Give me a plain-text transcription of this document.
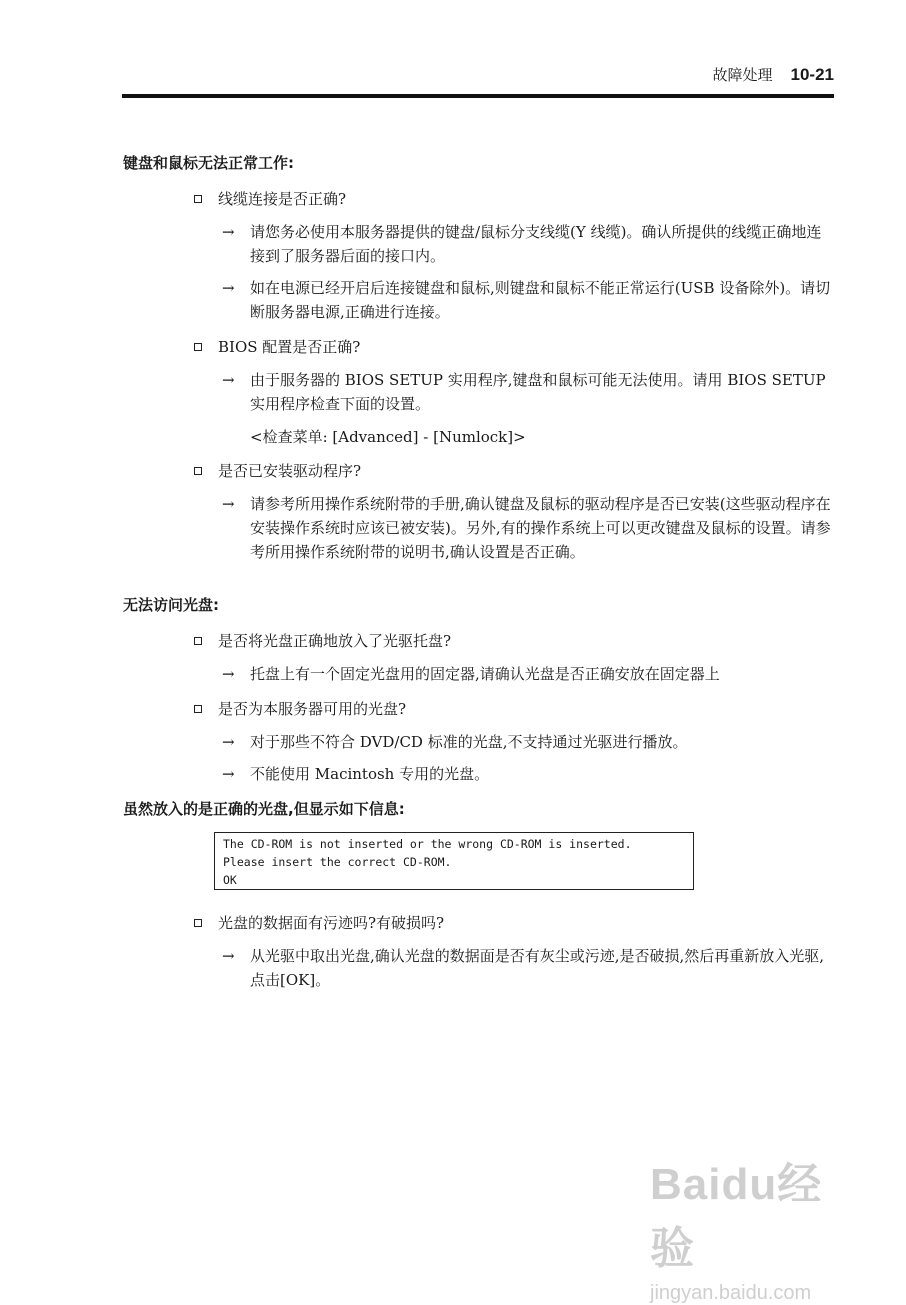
故障处理 10-21
键盘和鼠标无法正常工作:
线缆连接是否正确?
→	请您务必使用本服务器提供的键盘/鼠标分支线缆(Y 线缆)。确认所提供的线缆正确地连接到了服务器后面的接口内。
→	如在电源已经开启后连接键盘和鼠标,则键盘和鼠标不能正常运行(USB 设备除外)。请切断服务器电源,正确进行连接。
BIOS 配置是否正确?
→	由于服务器的 BIOS SETUP 实用程序,键盘和鼠标可能无法使用。请用 BIOS SETUP 实用程序检查下面的设置。
<检查菜单: [Advanced] - [Numlock]>
是否已安装驱动程序?
→	请参考所用操作系统附带的手册,确认键盘及鼠标的驱动程序是否已安装(这些驱动程序在安装操作系统时应该已被安装)。另外,有的操作系统上可以更改键盘及鼠标的设置。请参考所用操作系统附带的说明书,确认设置是否正确。
无法访问光盘:
是否将光盘正确地放入了光驱托盘?
→	托盘上有一个固定光盘用的固定器,请确认光盘是否正确安放在固定器上
是否为本服务器可用的光盘?
→	对于那些不符合 DVD/CD 标准的光盘,不支持通过光驱进行播放。
→	不能使用 Macintosh 专用的光盘。
虽然放入的是正确的光盘,但显示如下信息:
The CD-ROM is not inserted or the wrong CD-ROM is inserted.
Please insert the correct CD-ROM.
OK
光盘的数据面有污迹吗?有破损吗?
→	从光驱中取出光盘,确认光盘的数据面是否有灰尘或污迹,是否破损,然后再重新放入光驱,点击[OK]。
Baidu经验
jingyan.baidu.com
